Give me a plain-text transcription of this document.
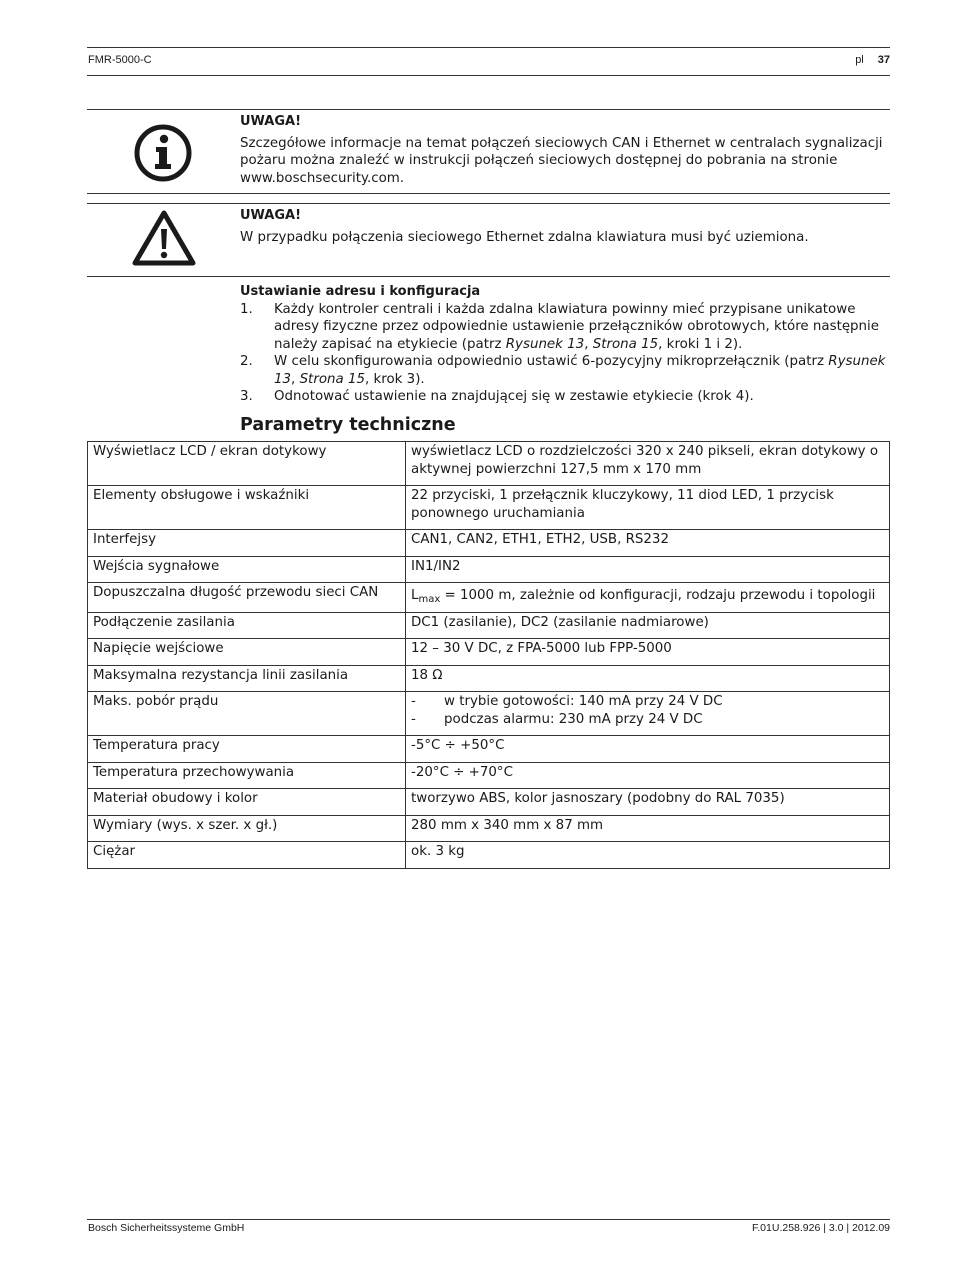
FMR-5000-C	pl 37
UWAGA!
Szczegółowe informacje na temat połączeń sieciowych CAN i Ethernet w centralach sygnalizacji pożaru można znaleźć w instrukcji połączeń sieciowych dostępnej do pobrania na stronie www.boschsecurity.com.
UWAGA!
W przypadku połączenia sieciowego Ethernet zdalna klawiatura musi być uziemiona.
Ustawianie adresu i konfiguracja
1. Każdy kontroler centrali i każda zdalna klawiatura powinny mieć przypisane unikatowe adresy fizyczne przez odpowiednie ustawienie przełączników obrotowych, które następnie należy zapisać na etykiecie (patrz Rysunek 13, Strona 15, kroki 1 i 2).
2. W celu skonfigurowania odpowiednio ustawić 6-pozycyjny mikroprzełącznik (patrz Rysunek 13, Strona 15, krok 3).
3. Odnotować ustawienie na znajdującej się w zestawie etykiecie (krok 4).
Parametry techniczne
Wyświetlacz LCD / ekran dotykowy	wyświetlacz LCD o rozdzielczości 320 x 240 pikseli, ekran dotykowy o aktywnej powierzchni 127,5 mm x 170 mm
Elementy obsługowe i wskaźniki	22 przyciski, 1 przełącznik kluczykowy, 11 diod LED, 1 przycisk ponownego uruchamiania
Interfejsy	CAN1, CAN2, ETH1, ETH2, USB, RS232
Wejścia sygnałowe	IN1/IN2
Dopuszczalna długość przewodu sieci CAN	$L_{max} = 1000$ m, zależnie od konfiguracji, rodzaju przewodu i topologii
Podłączenie zasilania	DC1 (zasilanie), DC2 (zasilanie nadmiarowe)
Napięcie wejściowe	12 – 30 V DC, z FPA-5000 lub FPP-5000
Maksymalna rezystancja linii zasilania	18 Ω
Maks. pobór prądu	- w trybie gotowości: 140 mA przy 24 V DC
- podczas alarmu: 230 mA przy 24 V DC

Temperatura pracy	-5°C ÷ +50°C
Temperatura przechowywania	-20°C ÷ +70°C
Materiał obudowy i kolor	tworzywo ABS, kolor jasnoszary (podobny do RAL 7035)
Wymiary (wys. x szer. x gł.)	280 mm x 340 mm x 87 mm
Ciężar	ok. 3 kg
Bosch Sicherheitssysteme GmbH	F.01U.258.926 | 3.0 | 2012.09
